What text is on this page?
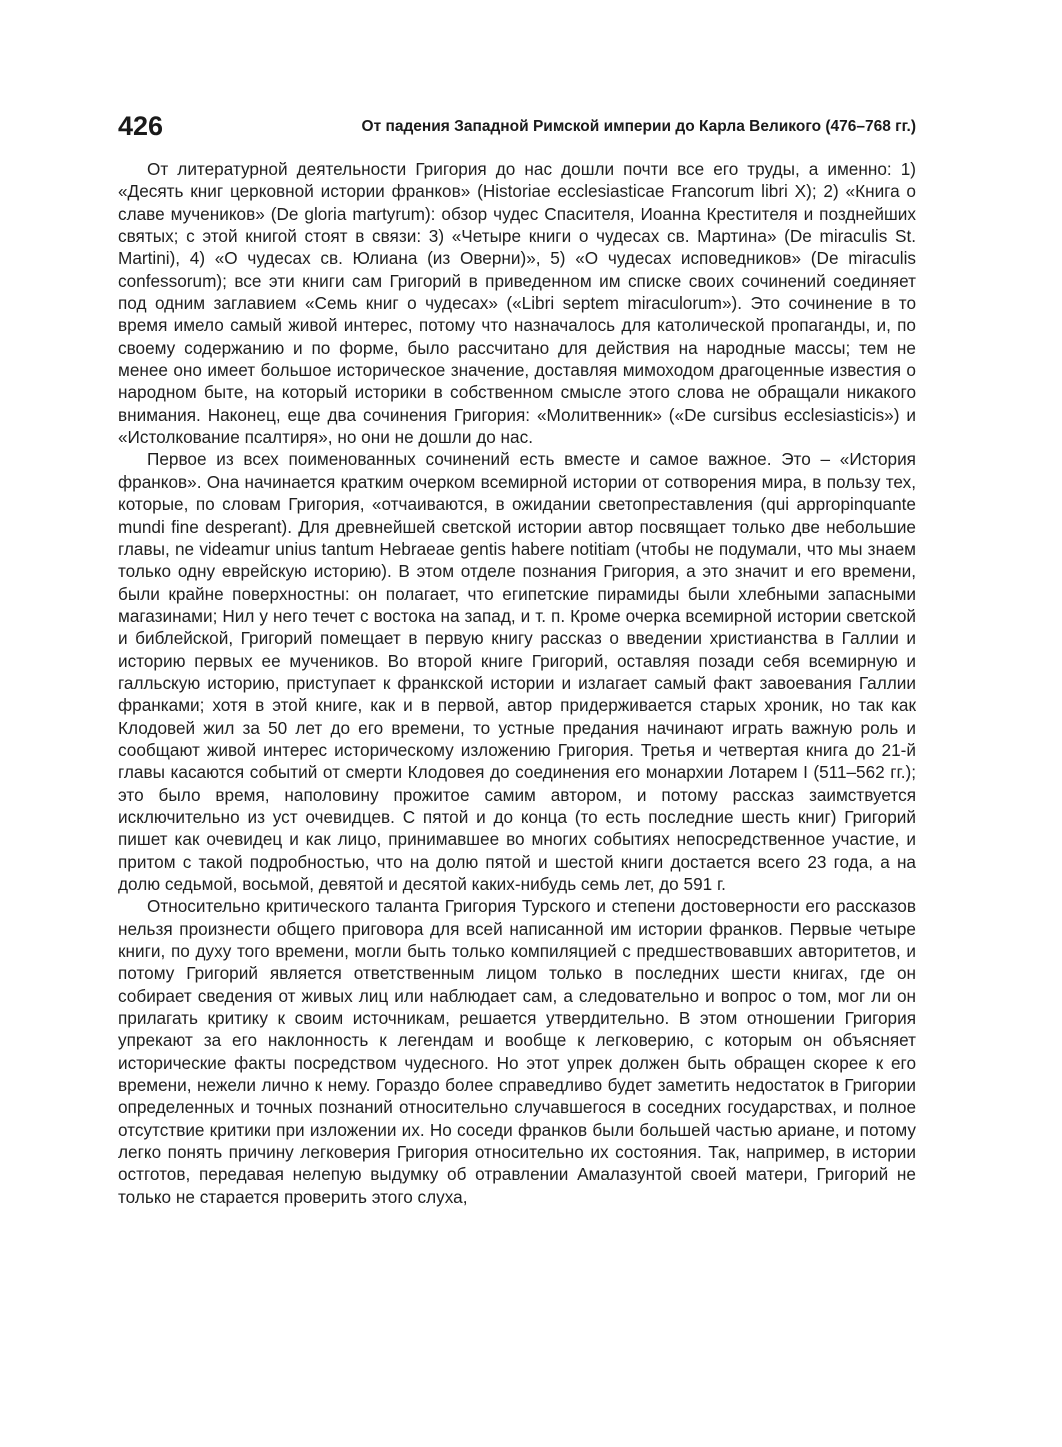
426	От падения Западной Римской империи до Карла Великого (476–768 гг.)

От литературной деятельности Григория до нас дошли почти все его труды, а именно: 1) «Десять книг церковной истории франков» (Historiae ecclesiasticae Francorum libri X); 2) «Книга о славе мучеников» (De gloria martyrum): обзор чудес Спасителя, Иоанна Крестителя и позднейших святых; с этой книгой стоят в связи: 3) «Четыре книги о чудесах св. Мартина» (De miraculis St. Martini), 4) «О чудесах св. Юлиана (из Оверни)», 5) «О чудесах исповедников» (De miraculis confessorum); все эти книги сам Григорий в приведенном им списке своих сочинений соединяет под одним заглавием «Семь книг о чудесах» («Libri septem miraculorum»). Это сочинение в то время имело самый живой интерес, потому что назначалось для католической пропаганды, и, по своему содержанию и по форме, было рассчитано для действия на народные массы; тем не менее оно имеет большое историческое значение, доставляя мимоходом драгоценные известия о народном быте, на который историки в собственном смысле этого слова не обращали никакого внимания. Наконец, еще два сочинения Григория: «Молитвенник» («De cursibus ecclesiasticis») и «Истолкование псалтиря», но они не дошли до нас.

Первое из всех поименованных сочинений есть вместе и самое важное. Это – «История франков». Она начинается кратким очерком всемирной истории от сотворения мира, в пользу тех, которые, по словам Григория, «отчаиваются, в ожидании светопреставления (qui appropinquante mundi fine desperant). Для древнейшей светской истории автор посвящает только две небольшие главы, ne videamur unius tantum Hebraeae gentis habere notitiam (чтобы не подумали, что мы знаем только одну еврейскую историю). В этом отделе познания Григория, а это значит и его времени, были крайне поверхностны: он полагает, что египетские пирамиды были хлебными запасными магазинами; Нил у него течет с востока на запад, и т. п. Кроме очерка всемирной истории светской и библейской, Григорий помещает в первую книгу рассказ о введении христианства в Галлии и историю первых ее мучеников. Во второй книге Григорий, оставляя позади себя всемирную и галльскую историю, приступает к франкской истории и излагает самый факт завоевания Галлии франками; хотя в этой книге, как и в первой, автор придерживается старых хроник, но так как Клодовей жил за 50 лет до его времени, то устные предания начинают играть важную роль и сообщают живой интерес историческому изложению Григория. Третья и четвертая книга до 21-й главы касаются событий от смерти Клодовея до соединения его монархии Лотарем I (511–562 гг.); это было время, наполовину прожитое самим автором, и потому рассказ заимствуется исключительно из уст очевидцев. С пятой и до конца (то есть последние шесть книг) Григорий пишет как очевидец и как лицо, принимавшее во многих событиях непосредственное участие, и притом с такой подробностью, что на долю пятой и шестой книги достается всего 23 года, а на долю седьмой, восьмой, девятой и десятой каких-нибудь семь лет, до 591 г.

Относительно критического таланта Григория Турского и степени достоверности его рассказов нельзя произнести общего приговора для всей написанной им истории франков. Первые четыре книги, по духу того времени, могли быть только компиляцией с предшествовавших авторитетов, и потому Григорий является ответственным лицом только в последних шести книгах, где он собирает сведения от живых лиц или наблюдает сам, а следовательно и вопрос о том, мог ли он прилагать критику к своим источникам, решается утвердительно. В этом отношении Григория упрекают за его наклонность к легендам и вообще к легковерию, с которым он объясняет исторические факты посредством чудесного. Но этот упрек должен быть обращен скорее к его времени, нежели лично к нему. Гораздо более справедливо будет заметить недостаток в Григории определенных и точных познаний относительно случавшегося в соседних государствах, и полное отсутствие критики при изложении их. Но соседи франков были большей частью ариане, и потому легко понять причину легковерия Григория относительно их состояния. Так, например, в истории остготов, передавая нелепую выдумку об отравлении Амалазунтой своей матери, Григорий не только не старается проверить этого слуха,
